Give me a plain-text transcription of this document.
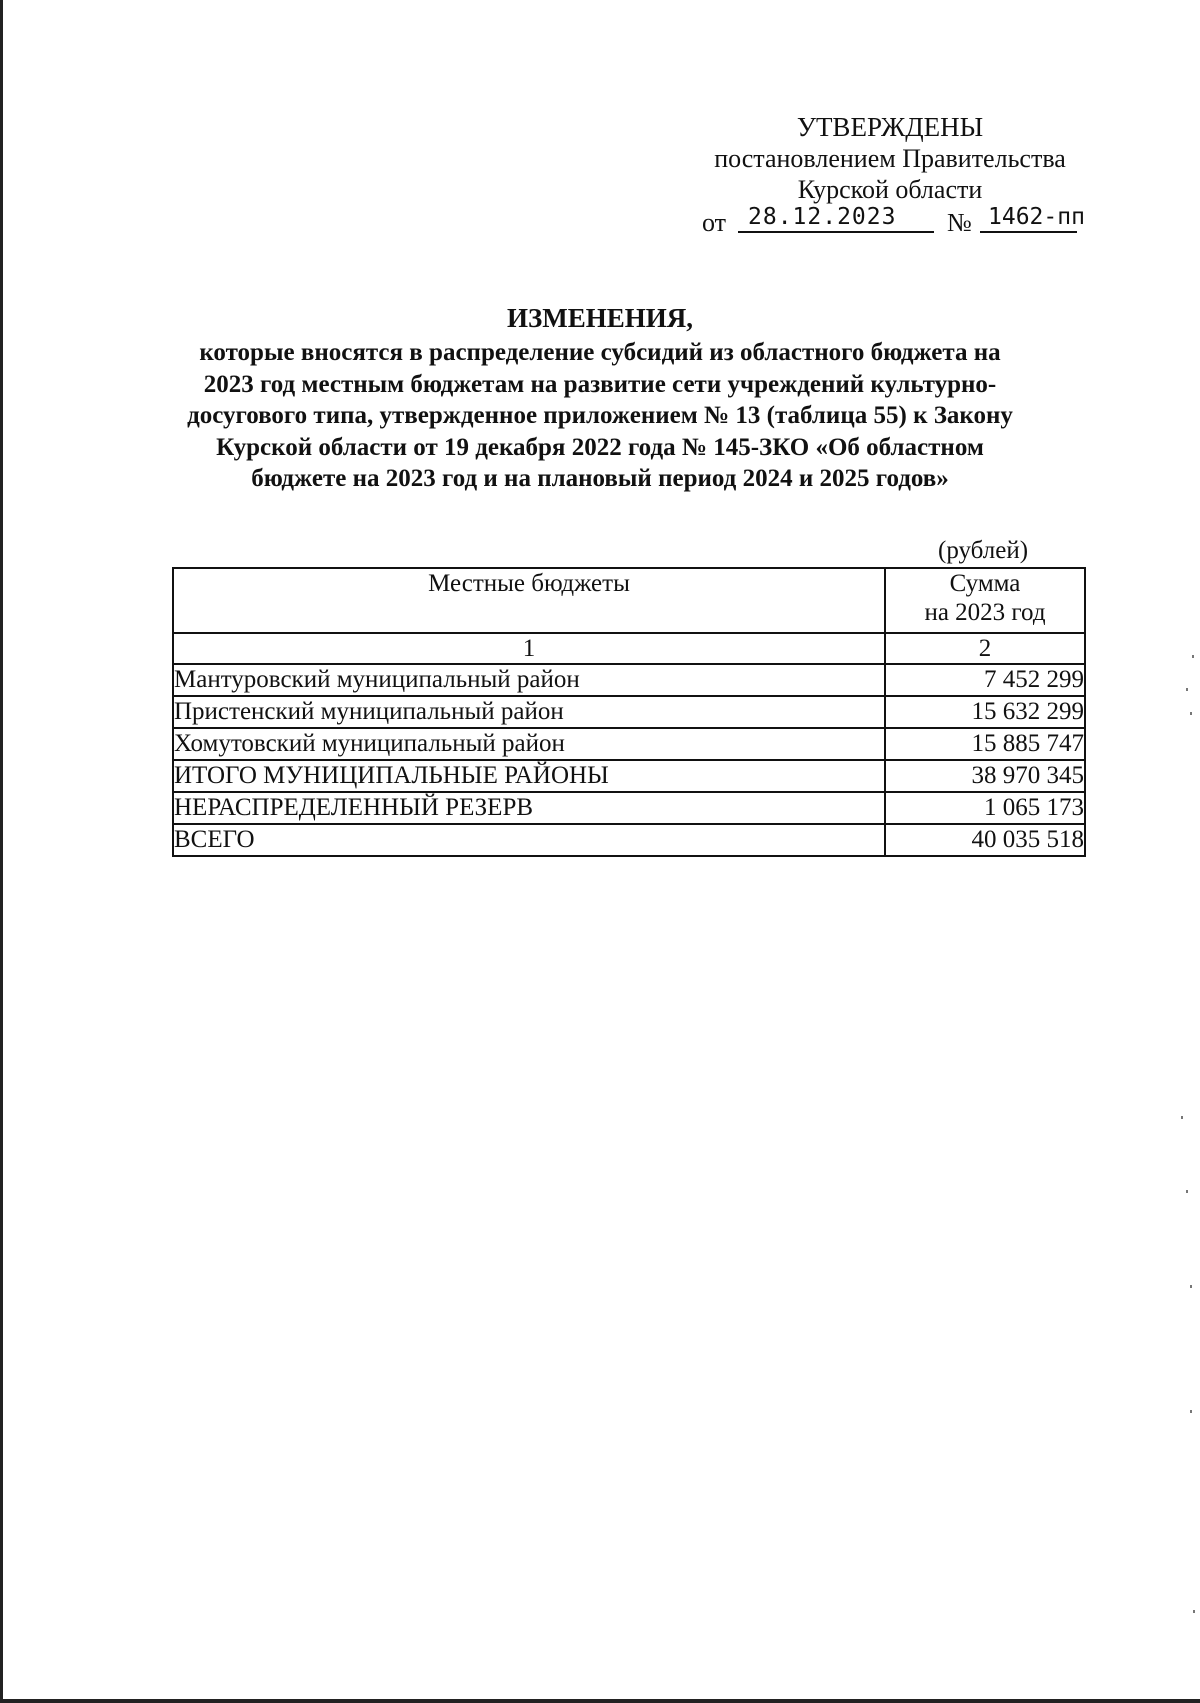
УТВЕРЖДЕНЫ
постановлением Правительства
Курской области
от 28.12.2023	№ 1462-пп
ИЗМЕНЕНИЯ,
которые вносятся в распределение субсидий из областного бюджета на
2023 год местным бюджетам на развитие сети учреждений культурно-
досугового типа, утвержденное приложением № 13 (таблица 55) к Закону
Курской области от 19 декабря 2022 года № 145-ЗКО «Об областном
бюджете на 2023 год и на плановый период 2024 и 2025 годов»
(рублей)
Местные бюджеты	Сумма
на 2023 год

1	2
Мантуровский муниципальный район	7 452 299
Пристенский муниципальный район	15 632 299
Хомутовский муниципальный район	15 885 747
ИТОГО МУНИЦИПАЛЬНЫЕ РАЙОНЫ	38 970 345
НЕРАСПРЕДЕЛЕННЫЙ РЕЗЕРВ	1 065 173
ВСЕГО	40 035 518
